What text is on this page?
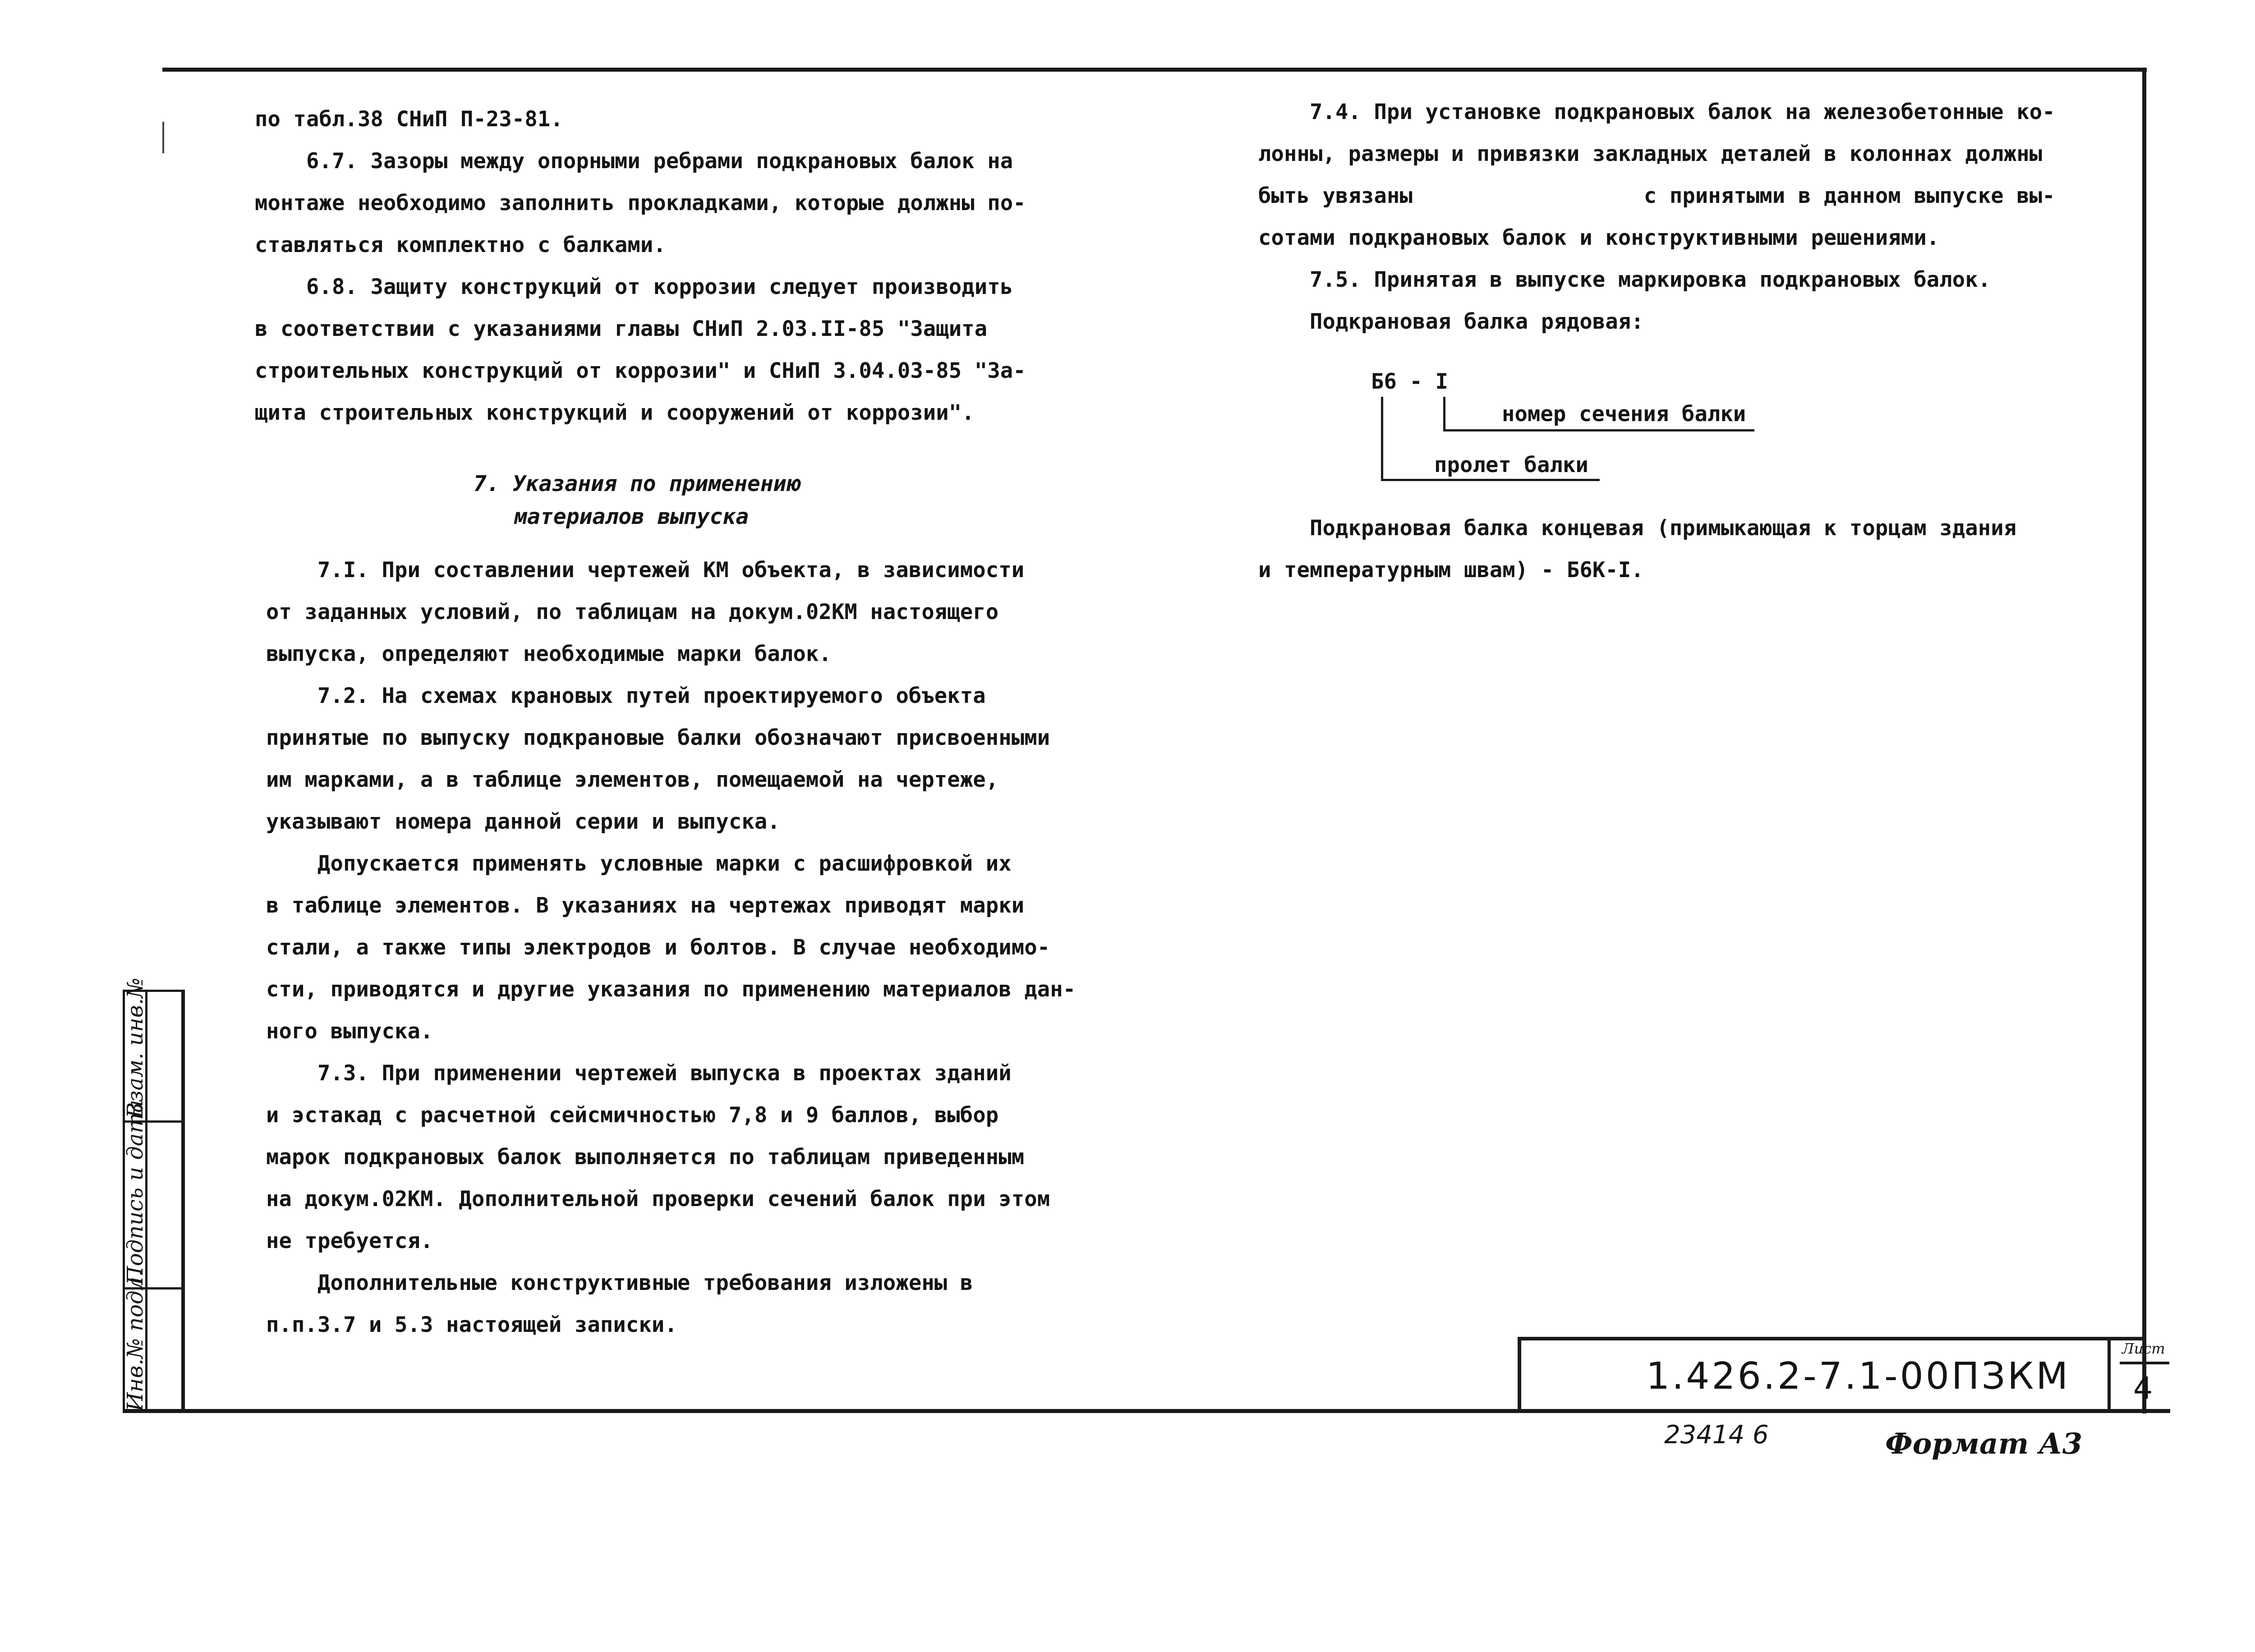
Инв.№ подл.
Подпись и дата
Взам. инв.№
по табл.38 СНиП П-23-81.
6.7. Зазоры между опорными ребрами подкрановых балок на
монтаже необходимо заполнить прокладками, которые должны по-
ставляться комплектно с балками.
6.8. Защиту конструкций от коррозии следует производить
в соответствии с указаниями главы СНиП 2.03.II-85 "Защита
строительных конструкций от коррозии" и СНиП 3.04.03-85 "За-
щита строительных конструкций и сооружений от коррозии".
7. Указания по применению
материалов выпуска
7.I. При составлении чертежей КМ объекта, в зависимости
от заданных условий, по таблицам на докум.02КМ настоящего
выпуска, определяют необходимые марки балок.
7.2. На схемах крановых путей проектируемого объекта
принятые по выпуску подкрановые балки обозначают присвоенными
им марками, а в таблице элементов, помещаемой на чертеже,
указывают номера данной серии и выпуска.
Допускается применять условные марки с расшифровкой их
в таблице элементов. В указаниях на чертежах приводят марки
стали, а также типы электродов и болтов. В случае необходимо-
сти, приводятся и другие указания по применению материалов дан-
ного выпуска.
7.3. При применении чертежей выпуска в проектах зданий
и эстакад с расчетной сейсмичностью 7,8 и 9 баллов, выбор
марок подкрановых балок выполняется по таблицам приведенным
на докум.02КМ. Дополнительной проверки сечений балок при этом
не требуется.
Дополнительные конструктивные требования изложены в
п.п.3.7 и 5.3 настоящей записки.
7.4. При установке подкрановых балок на железобетонные ко-
лонны, размеры и привязки закладных деталей в колоннах должны
быть увязаны                  с принятыми в данном выпуске вы-
сотами подкрановых балок и конструктивными решениями.
7.5. Принятая в выпуске маркировка подкрановых балок.
Подкрановая балка рядовая:
Б6 - I
номер сечения балки
пролет балки
Подкрановая балка концевая (примыкающая к торцам здания
и температурным швам) - Б6К-I.
1.426.2-7.1-00ПЗКМ
Лист
4
23414 6	Формат А3
